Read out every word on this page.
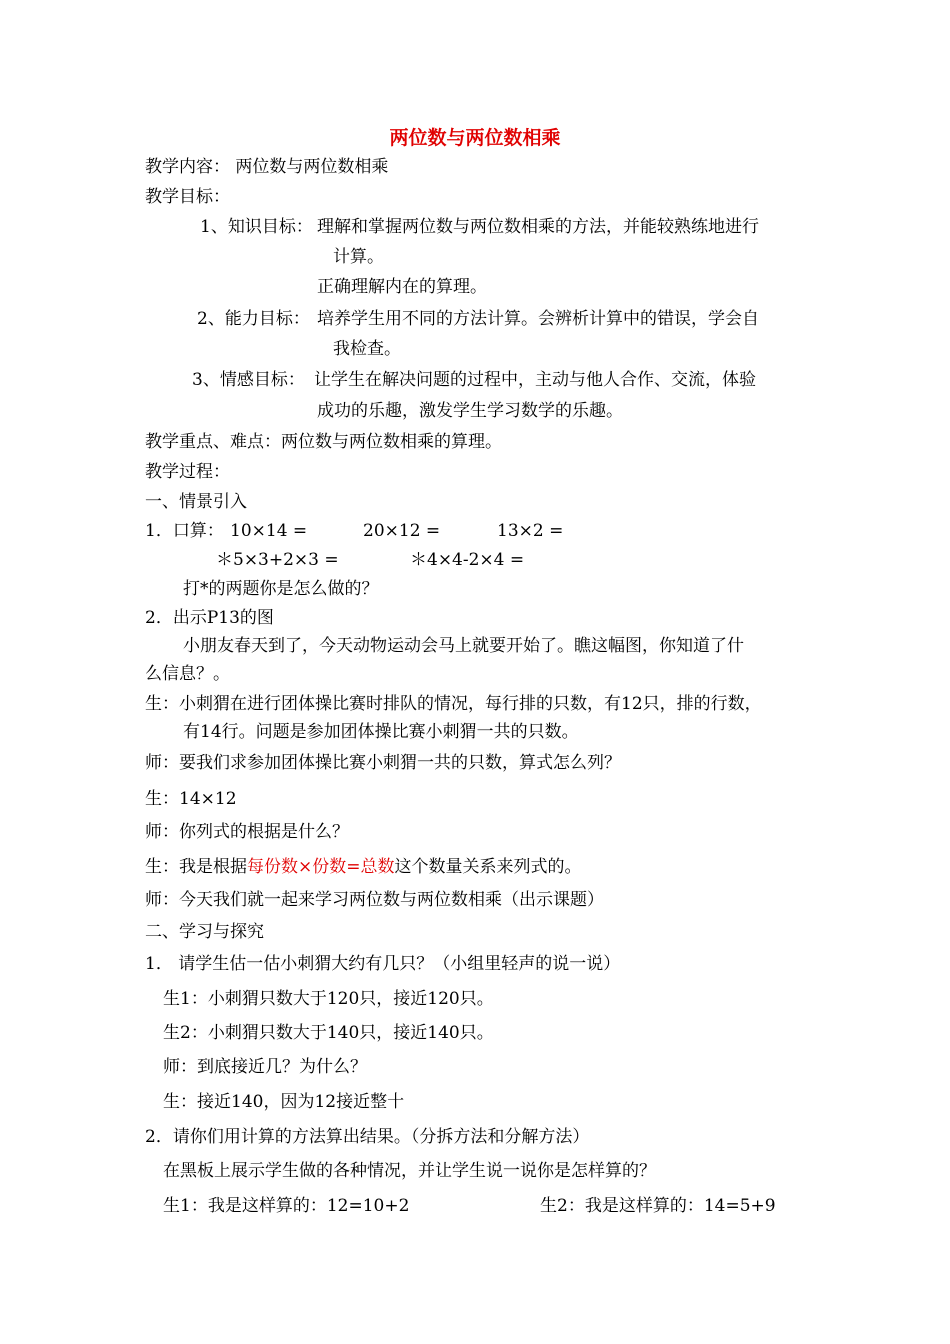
两位数与两位数相乘
教学内容： 两位数与两位数相乘
教学目标：
1、知识目标： 理解和掌握两位数与两位数相乘的方法，并能较熟练地进行
计算。
正确理解内在的算理。
2、能力目标： 培养学生用不同的方法计算。会辨析计算中的错误，学会自
我检查。
3、情感目标： 让学生在解决问题的过程中，主动与他人合作、交流，体验
成功的乐趣，激发学生学习数学的乐趣。
教学重点、难点：两位数与两位数相乘的算理。
教学过程：
一、情景引入
1．口算： 10×14 =	20×12 =	13×2 =
＊5×3+2×3 =	＊4×4-2×4 =
打*的两题你是怎么做的？
2．出示P13的图
小朋友春天到了，今天动物运动会马上就要开始了。瞧这幅图，你知道了什
么信息？。
生：小刺猬在进行团体操比赛时排队的情况，每行排的只数，有12只，排的行数，
有14行。问题是参加团体操比赛小刺猬一共的只数。
师：要我们求参加团体操比赛小刺猬一共的只数，算式怎么列？
生：14×12
师：你列式的根据是什么？
生：我是根据每份数×份数=总数这个数量关系来列式的。
师：今天我们就一起来学习两位数与两位数相乘（出示课题）
二、学习与探究
1． 请学生估一估小刺猬大约有几只？（小组里轻声的说一说）
生1：小刺猬只数大于120只，接近120只。
生2：小刺猬只数大于140只，接近140只。
师：到底接近几？为什么？
生：接近140，因为12接近整十
2．请你们用计算的方法算出结果。（分拆方法和分解方法）
在黑板上展示学生做的各种情况，并让学生说一说你是怎样算的？
生1：我是这样算的：12=10+2	生2：我是这样算的：14=5+9
